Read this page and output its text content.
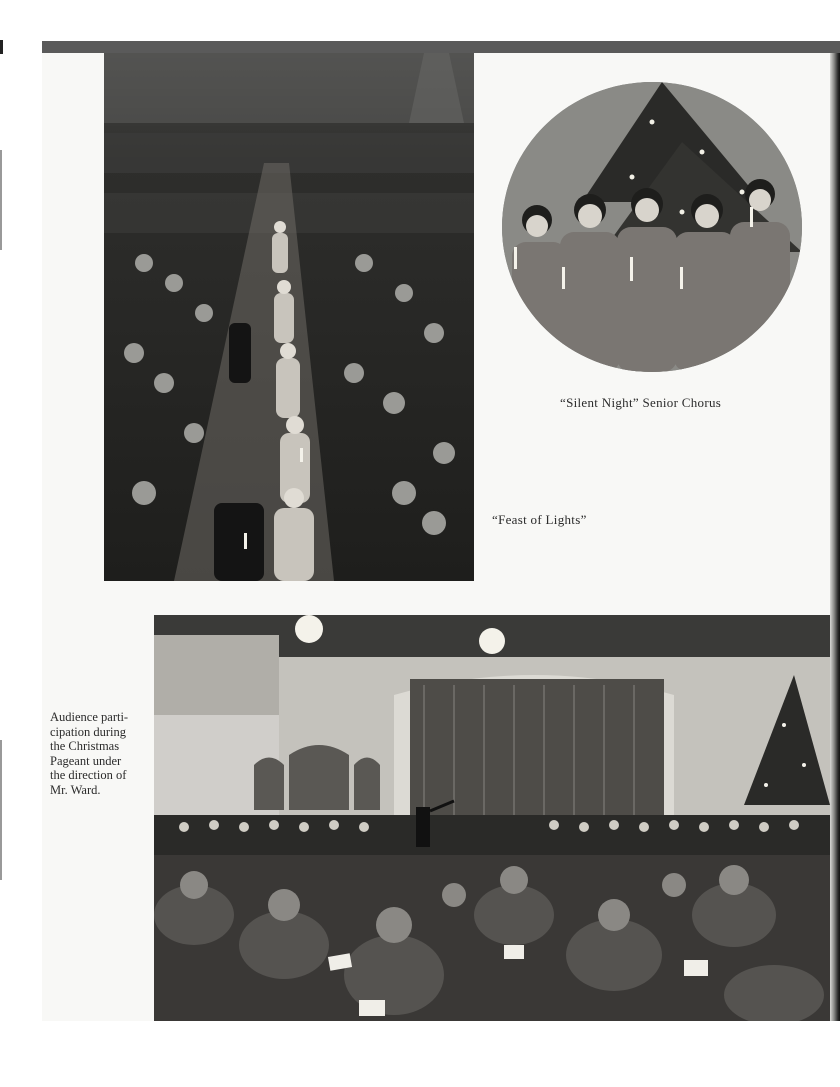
“Silent Night” Senior Chorus
“Feast of Lights”
Audience parti-
cipation during
the Christmas
Pageant under
the direction of
Mr. Ward.
